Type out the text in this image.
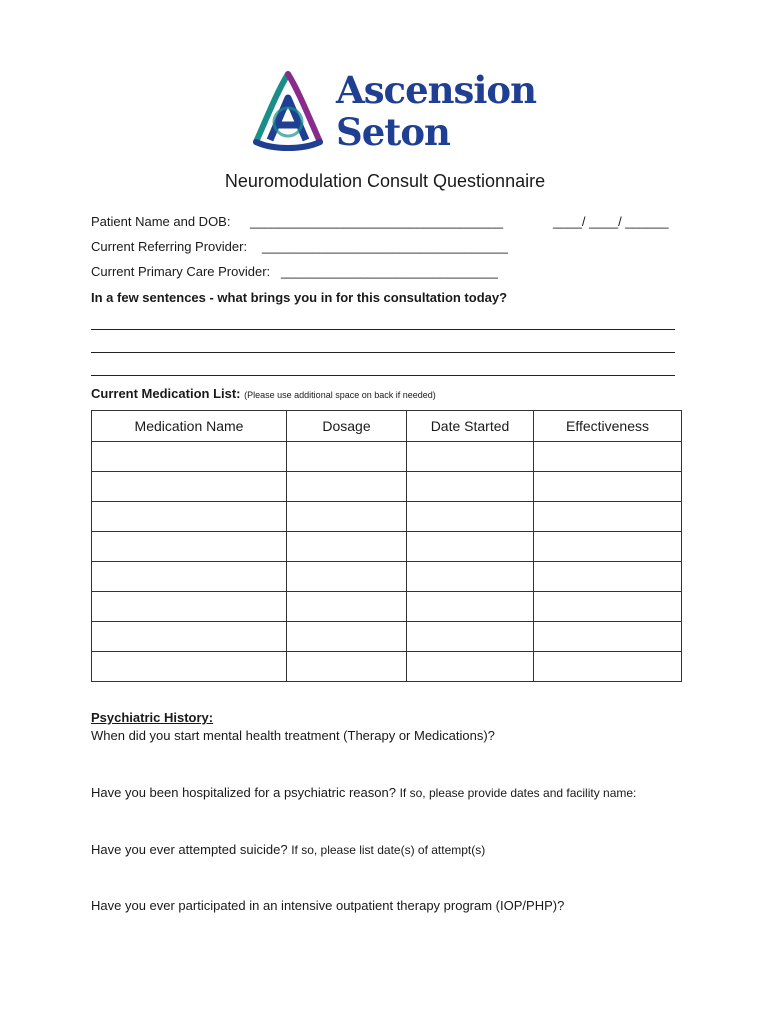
Ascension
Seton
Neuromodulation Consult Questionnaire
Patient Name and DOB: ___________________________________	____/ ____/ ______
Current Referring Provider: __________________________________
Current Primary Care Provider: ______________________________
In a few sentences - what brings you in for this consultation today?
Current Medication List: (Please use additional space on back if needed)
Medication Name	Dosage	Date Started	Effectiveness

Psychiatric History:
When did you start mental health treatment (Therapy or Medications)?
Have you been hospitalized for a psychiatric reason? If so, please provide dates and facility name:
Have you ever attempted suicide? If so, please list date(s) of attempt(s)
Have you ever participated in an intensive outpatient therapy program (IOP/PHP)?
